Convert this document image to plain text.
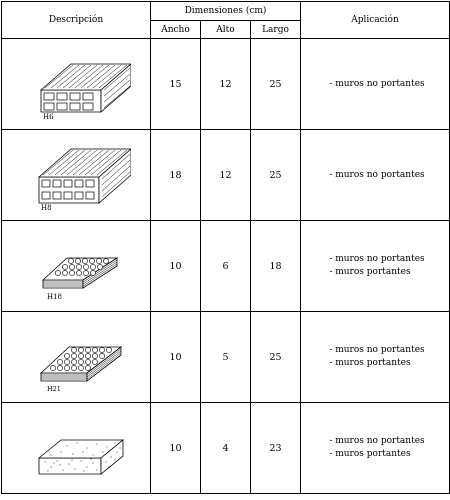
Descripción	Dimensiones (cm)			Aplicación
	Ancho	Alto	Largo	

H6	15	12	25	- muros no portantes

H8	18	12	25	- muros no portantes

H18	10	6	18	- muros no portantes
- muros portantes

H21	10	5	25	- muros no portantes
- muros portantes

	10	4	23	- muros no portantes
- muros portantes
